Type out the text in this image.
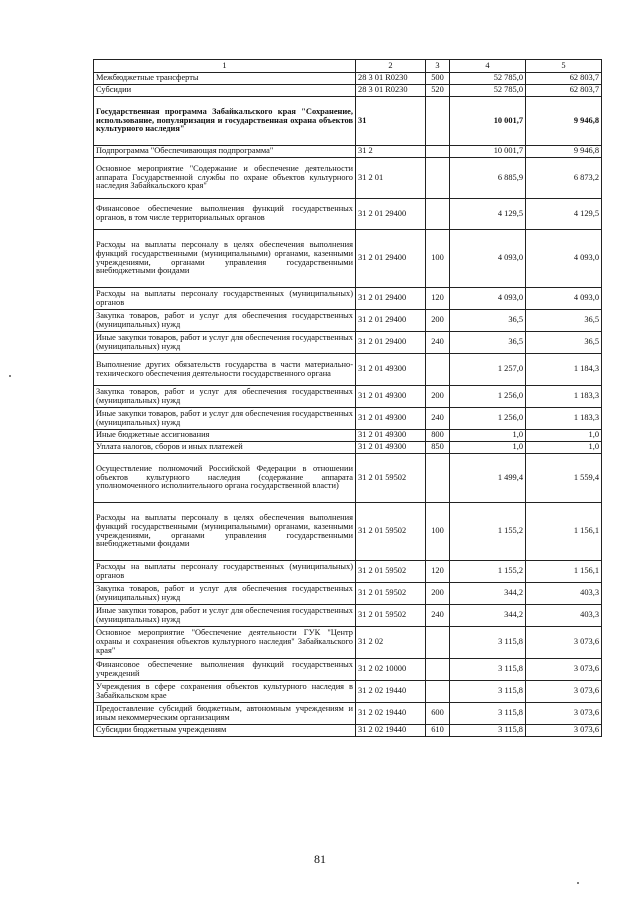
1	2	3	4	5
Межбюджетные трансферты	28 3 01 R0230	500	52 785,0	62 803,7
Субсидии	28 3 01 R0230	520	52 785,0	62 803,7
Государственная программа Забайкальского края "Сохранение, использование, популяризация и государственная охрана объектов культурного наследия"	31		10 001,7	9 946,8
Подпрограмма "Обеспечивающая подпрограмма"	31 2		10 001,7	9 946,8
Основное мероприятие "Содержание и обеспечение деятельности аппарата Государственной службы по охране объектов культурного наследия Забайкальского края"	31 2 01		6 885,9	6 873,2
Финансовое обеспечение выполнения функций государственных органов, в том числе территориальных органов	31 2 01 29400		4 129,5	4 129,5
Расходы на выплаты персоналу в целях обеспечения выполнения функций государственными (муниципальными) органами, казенными учреждениями, органами управления государственными внебюджетными фондами	31 2 01 29400	100	4 093,0	4 093,0
Расходы на выплаты персоналу государственных (муниципальных) органов	31 2 01 29400	120	4 093,0	4 093,0
Закупка товаров, работ и услуг для обеспечения государственных (муниципальных) нужд	31 2 01 29400	200	36,5	36,5
Иные закупки товаров, работ и услуг для обеспечения государственных (муниципальных) нужд	31 2 01 29400	240	36,5	36,5
Выполнение других обязательств государства в части материально-технического обеспечения деятельности государственного органа	31 2 01 49300		1 257,0	1 184,3
Закупка товаров, работ и услуг для обеспечения государственных (муниципальных) нужд	31 2 01 49300	200	1 256,0	1 183,3
Иные закупки товаров, работ и услуг для обеспечения государственных (муниципальных) нужд	31 2 01 49300	240	1 256,0	1 183,3
Иные бюджетные ассигнования	31 2 01 49300	800	1,0	1,0
Уплата налогов, сборов и иных платежей	31 2 01 49300	850	1,0	1,0
Осуществление полномочий Российской Федерации в отношении объектов культурного наследия (содержание аппарата уполномоченного исполнительного органа государственной власти)	31 2 01 59502		1 499,4	1 559,4
Расходы на выплаты персоналу в целях обеспечения выполнения функций государственными (муниципальными) органами, казенными учреждениями, органами управления государственными внебюджетными фондами	31 2 01 59502	100	1 155,2	1 156,1
Расходы на выплаты персоналу государственных (муниципальных) органов	31 2 01 59502	120	1 155,2	1 156,1
Закупка товаров, работ и услуг для обеспечения государственных (муниципальных) нужд	31 2 01 59502	200	344,2	403,3
Иные закупки товаров, работ и услуг для обеспечения государственных (муниципальных) нужд	31 2 01 59502	240	344,2	403,3
Основное мероприятие "Обеспечение деятельности ГУК "Центр охраны и сохранения объектов культурного наследия" Забайкальского края"	31 2 02		3 115,8	3 073,6
Финансовое обеспечение выполнения функций государственных учреждений	31 2 02 10000		3 115,8	3 073,6
Учреждения в сфере сохранения объектов культурного наследия в Забайкальском крае	31 2 02 19440		3 115,8	3 073,6
Предоставление субсидий бюджетным, автономным учреждениям и иным некоммерческим организациям	31 2 02 19440	600	3 115,8	3 073,6
Субсидии бюджетным учреждениям	31 2 02 19440	610	3 115,8	3 073,6
81
